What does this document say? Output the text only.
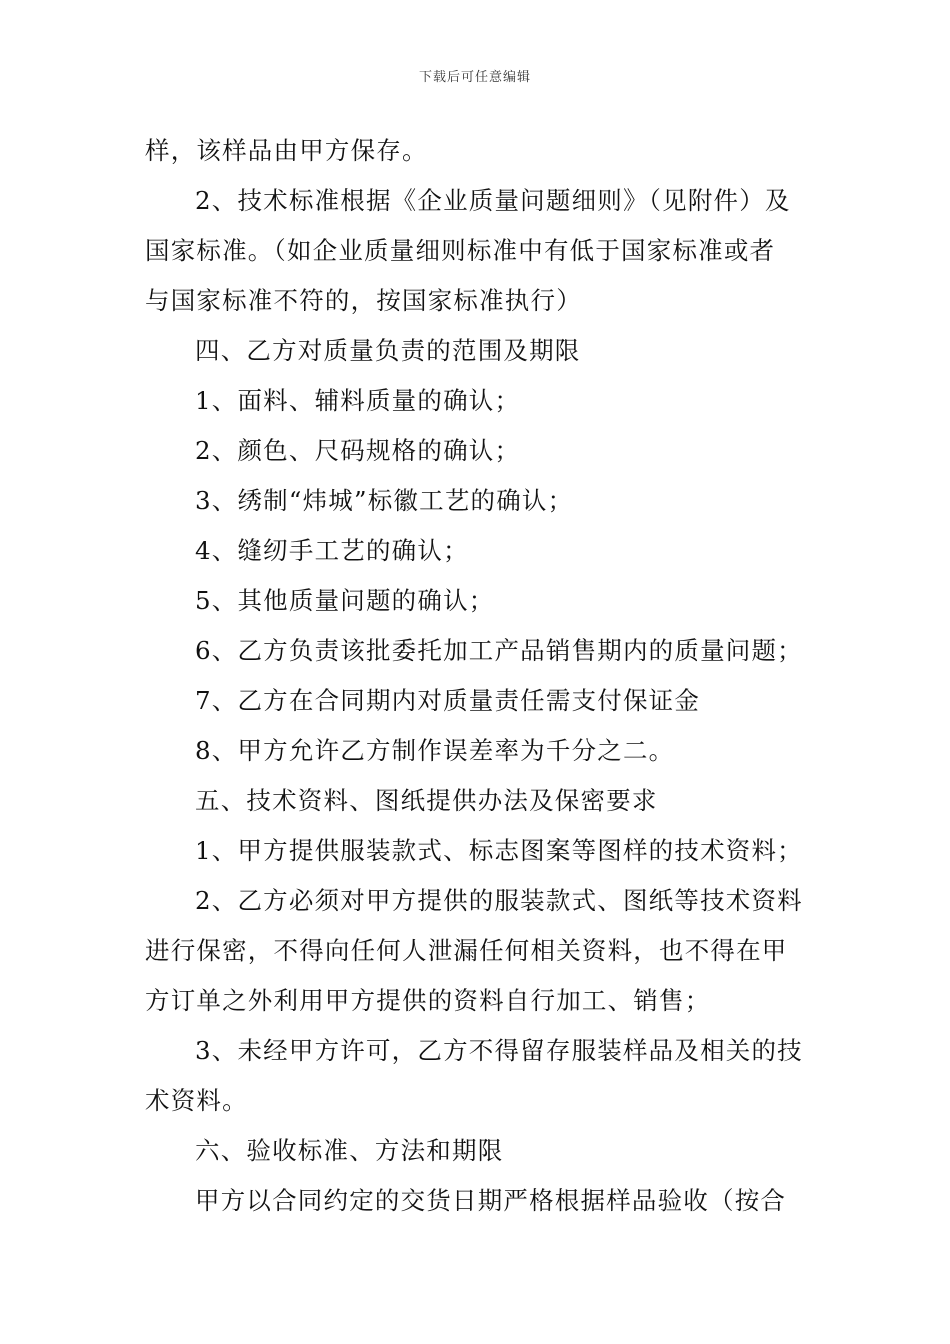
下载后可任意编辑
样，该样品由甲方保存。
2、技术标准根据《企业质量问题细则》（见附件）及
国家标准。（如企业质量细则标准中有低于国家标准或者
与国家标准不符的，按国家标准执行）
四、乙方对质量负责的范围及期限
1、面料、辅料质量的确认；
2、颜色、尺码规格的确认；
3、绣制“炜城”标徽工艺的确认；
4、缝纫手工艺的确认；
5、其他质量问题的确认；
6、乙方负责该批委托加工产品销售期内的质量问题；
7、乙方在合同期内对质量责任需支付保证金
8、甲方允许乙方制作误差率为千分之二。
五、技术资料、图纸提供办法及保密要求
1、甲方提供服装款式、标志图案等图样的技术资料；
2、乙方必须对甲方提供的服装款式、图纸等技术资料
进行保密，不得向任何人泄漏任何相关资料，也不得在甲
方订单之外利用甲方提供的资料自行加工、销售；
3、未经甲方许可，乙方不得留存服装样品及相关的技
术资料。
六、验收标准、方法和期限
甲方以合同约定的交货日期严格根据样品验收（按合
